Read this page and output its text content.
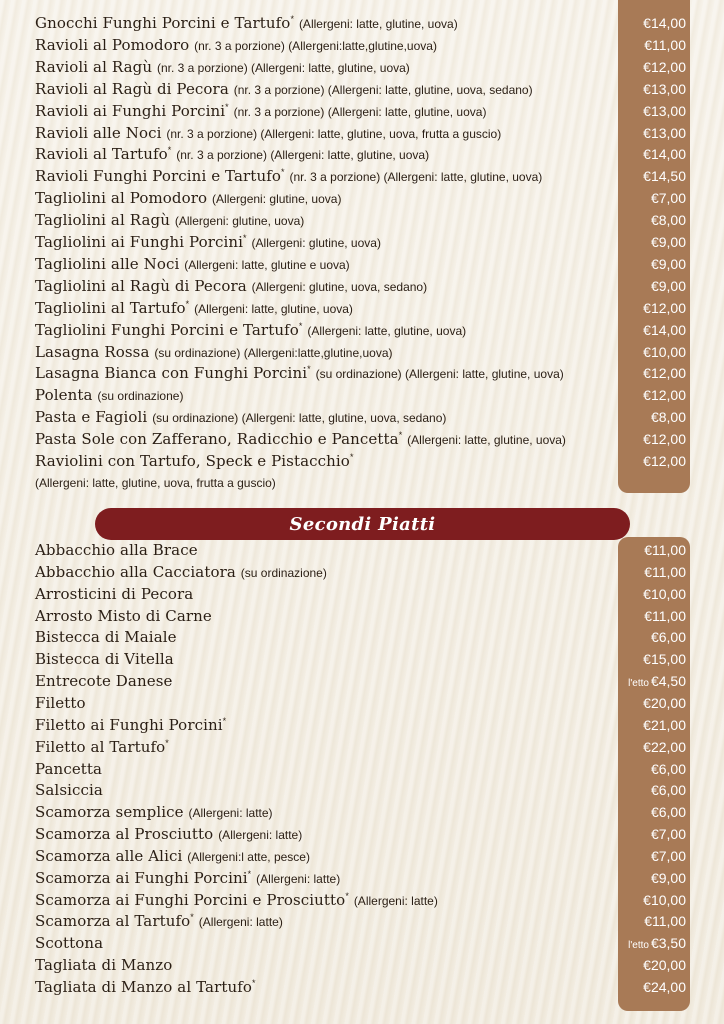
Gnocchi Funghi Porcini e Tartufo* (Allergeni: latte, glutine, uova)	€14,00
Ravioli al Pomodoro (nr. 3 a porzione) (Allergeni:latte,glutine,uova)	€11,00
Ravioli al Ragù (nr. 3 a porzione) (Allergeni: latte, glutine, uova)	€12,00
Ravioli al Ragù di Pecora (nr. 3 a porzione) (Allergeni: latte, glutine, uova, sedano)	€13,00
Ravioli ai Funghi Porcini* (nr. 3 a porzione) (Allergeni: latte, glutine, uova)	€13,00
Ravioli alle Noci (nr. 3 a porzione) (Allergeni: latte, glutine, uova, frutta a guscio)	€13,00
Ravioli al Tartufo* (nr. 3 a porzione) (Allergeni: latte, glutine, uova)	€14,00
Ravioli Funghi Porcini e Tartufo* (nr. 3 a porzione) (Allergeni: latte, glutine, uova)	€14,50
Tagliolini al Pomodoro (Allergeni: glutine, uova)	€7,00
Tagliolini al Ragù (Allergeni: glutine, uova)	€8,00
Tagliolini ai Funghi Porcini* (Allergeni: glutine, uova)	€9,00
Tagliolini alle Noci (Allergeni: latte, glutine e uova)	€9,00
Tagliolini al Ragù di Pecora (Allergeni: glutine, uova, sedano)	€9,00
Tagliolini al Tartufo* (Allergeni: latte, glutine, uova)	€12,00
Tagliolini Funghi Porcini e Tartufo* (Allergeni: latte, glutine, uova)	€14,00
Lasagna Rossa (su ordinazione) (Allergeni:latte,glutine,uova)	€10,00
Lasagna Bianca con Funghi Porcini* (su ordinazione) (Allergeni: latte, glutine, uova)	€12,00
Polenta (su ordinazione)	€12,00
Pasta e Fagioli (su ordinazione) (Allergeni: latte, glutine, uova, sedano)	€8,00
Pasta Sole con Zafferano, Radicchio e Pancetta* (Allergeni: latte, glutine, uova)	€12,00
Raviolini con Tartufo, Speck e Pistacchio*	€12,00
(Allergeni: latte, glutine, uova, frutta a guscio)
Secondi Piatti
Abbacchio alla Brace	€11,00
Abbacchio alla Cacciatora (su ordinazione)	€11,00
Arrosticini di Pecora	€10,00
Arrosto Misto di Carne	€11,00
Bistecca di Maiale	€6,00
Bistecca di Vitella	€15,00
Entrecote Danese	l'etto €4,50
Filetto	€20,00
Filetto ai Funghi Porcini*	€21,00
Filetto al Tartufo*	€22,00
Pancetta	€6,00
Salsiccia	€6,00
Scamorza semplice (Allergeni: latte)	€6,00
Scamorza al Prosciutto (Allergeni: latte)	€7,00
Scamorza alle Alici (Allergeni:l atte, pesce)	€7,00
Scamorza ai Funghi Porcini* (Allergeni: latte)	€9,00
Scamorza ai Funghi Porcini e Prosciutto* (Allergeni: latte)	€10,00
Scamorza al Tartufo* (Allergeni: latte)	€11,00
Scottona	l'etto €3,50
Tagliata di Manzo	€20,00
Tagliata di Manzo al Tartufo*	€24,00
